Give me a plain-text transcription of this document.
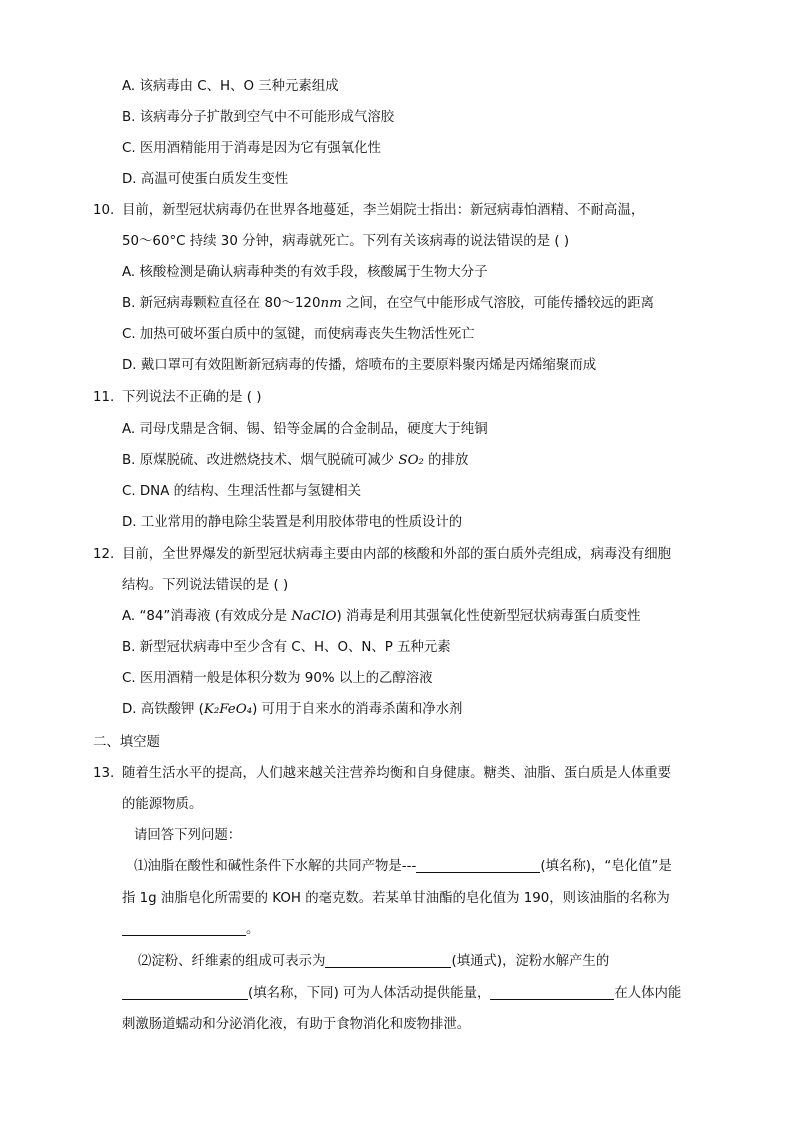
A. 该病毒由 C、H、O 三种元素组成
B. 该病毒分子扩散到空气中不可能形成气溶胶
C. 医用酒精能用于消毒是因为它有强氧化性
D. 高温可使蛋白质发生变性
10. 目前，新型冠状病毒仍在世界各地蔓延，李兰娟院士指出：新冠病毒怕酒精、不耐高温，
50～60°C 持续 30 分钟，病毒就死亡。下列有关该病毒的说法错误的是 ( )
A. 核酸检测是确认病毒种类的有效手段，核酸属于生物大分子
B. 新冠病毒颗粒直径在 80～120nm 之间，在空气中能形成气溶胶，可能传播较远的距离
C. 加热可破坏蛋白质中的氢键，而使病毒丧失生物活性死亡
D. 戴口罩可有效阻断新冠病毒的传播，熔喷布的主要原料聚丙烯是丙烯缩聚而成
11. 下列说法不正确的是 ( )
A. 司母戊鼎是含铜、锡、铅等金属的合金制品，硬度大于纯铜
B. 原煤脱硫、改进燃烧技术、烟气脱硫可减少 SO₂ 的排放
C. DNA 的结构、生理活性都与氢键相关
D. 工业常用的静电除尘装置是利用胶体带电的性质设计的
12. 目前，全世界爆发的新型冠状病毒主要由内部的核酸和外部的蛋白质外壳组成，病毒没有细胞
结构。下列说法错误的是 ( )
A. “84”消毒液 (有效成分是 NaClO) 消毒是利用其强氧化性使新型冠状病毒蛋白质变性
B. 新型冠状病毒中至少含有 C、H、O、N、P 五种元素
C. 医用酒精一般是体积分数为 90% 以上的乙醇溶液
D. 高铁酸钾 (K₂FeO₄) 可用于自来水的消毒杀菌和净水剂
二、填空题
13. 随着生活水平的提高，人们越来越关注营养均衡和自身健康。糖类、油脂、蛋白质是人体重要
的能源物质。
请回答下列问题：
⑴油脂在酸性和碱性条件下水解的共同产物是---	(填名称)，“皂化值”是
指 1g 油脂皂化所需要的 KOH 的毫克数。若某单甘油酯的皂化值为 190，则该油脂的名称为
。
⑵淀粉、纤维素的组成可表示为	(填通式)，淀粉水解产生的
(填名称，下同) 可为人体活动提供能量，	在人体内能
刺激肠道蠕动和分泌消化液，有助于食物消化和废物排泄。
